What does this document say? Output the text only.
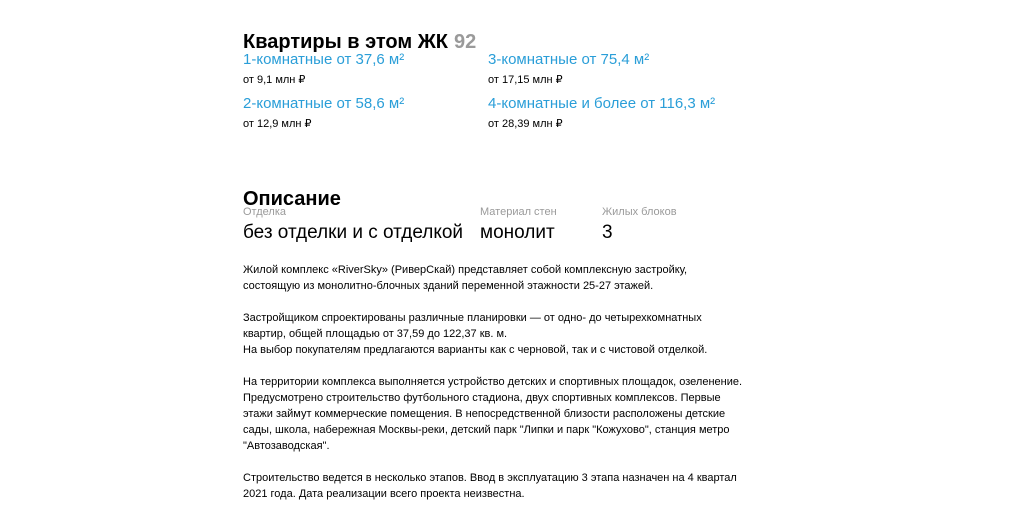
Квартиры в этом ЖК 92
1-комнатные от 37,6 м²
от 9,1 млн ₽
3-комнатные от 75,4 м²
от 17,15 млн ₽
2-комнатные от 58,6 м²
от 12,9 млн ₽
4-комнатные и более от 116,3 м²
от 28,39 млн ₽
Описание
Отделка
без отделки и с отделкой
Материал стен
монолит
Жилых блоков
3

Жилой комплекс «RiverSky» (РиверСкай) представляет собой комплексную застройку,
состоящую из монолитно-блочных зданий переменной этажности 25-27 этажей.

Застройщиком спроектированы различные планировки — от одно- до четырехкомнатных
квартир, общей площадью от 37,59 до 122,37 кв. м.
На выбор покупателям предлагаются варианты как с черновой, так и с чистовой отделкой.

На территории комплекса выполняется устройство детских и спортивных площадок, озеленение.
Предусмотрено строительство футбольного стадиона, двух спортивных комплексов. Первые
этажи займут коммерческие помещения. В непосредственной близости расположены детские
сады, школа, набережная Москвы-реки, детский парк "Липки и парк "Кожухово", станция метро
"Автозаводская".

Строительство ведется в несколько этапов. Ввод в эксплуатацию 3 этапа назначен на 4 квартал
2021 года. Дата реализации всего проекта неизвестна.
